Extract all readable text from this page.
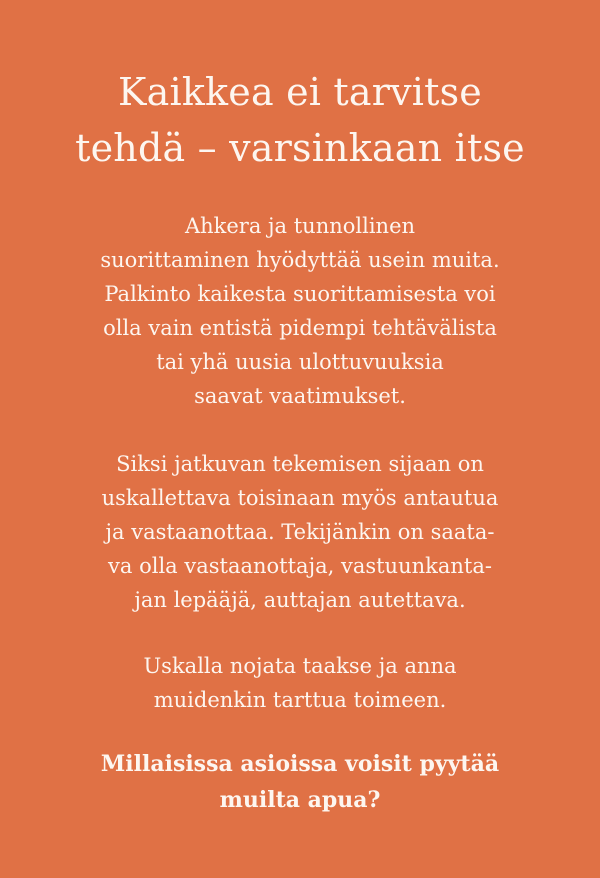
Kaikkea ei tarvitse
tehdä – varsinkaan itse

Ahkera ja tunnollinen
suorittaminen hyödyttää usein muita.
Palkinto kaikesta suorittamisesta voi
olla vain entistä pidempi tehtävälista
tai yhä uusia ulottuvuuksia
saavat vaatimukset.

Siksi jatkuvan tekemisen sijaan on
uskallettava toisinaan myös antautua
ja vastaanottaa. Tekijänkin on saata-
va olla vastaanottaja, vastuunkanta-
jan lepääjä, auttajan autettava.

Uskalla nojata taakse ja anna
muidenkin tarttua toimeen.

Millaisissa asioissa voisit pyytää
muilta apua?
